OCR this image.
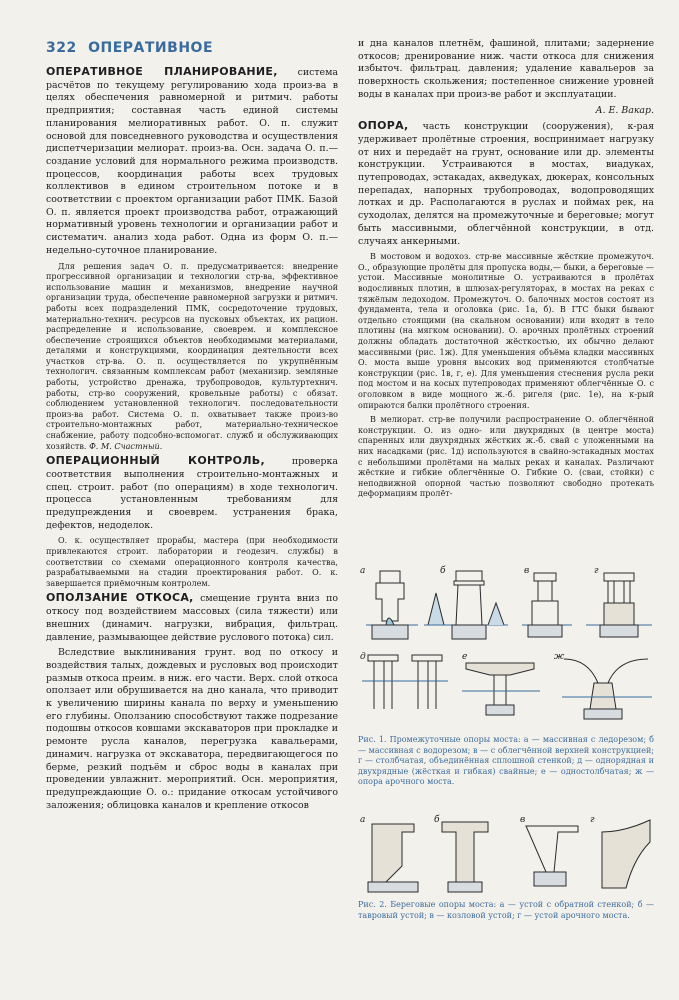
322 ОПЕРАТИВНОЕ

ОПЕРАТИВНОЕ ПЛАНИРОВАНИЕ, система расчётов по текущему регулированию хода произ-ва в целях обеспечения равномерной и ритмич. работы предприятия; составная часть единой системы планирования мелиоративных работ. О. п. служит основой для повседневного руководства и осуществления диспетчеризации мелиорат. произ-ва. Осн. задача О. п.— создание условий для нормального режима производств. процессов, координация работы всех трудовых коллективов в едином строительном потоке и в соответствии с проектом организации работ ПМК. Базой О. п. является проект производства работ, отражающий нормативный уровень технологии и организации работ и систематич. анализ хода работ. Одна из форм О. п.— недельно-суточное планирование.

Для решения задач О. п. предусматривается: внедрение прогрессивной организации и технологии стр-ва, эффективное использование машин и механизмов, внедрение научной организации труда, обеспечение равномерной загрузки и ритмич. работы всех подразделений ПМК, сосредоточение трудовых, материально-технич. ресурсов на пусковых объектах, их рацион. распределение и использование, своеврем. и комплексное обеспечение строящихся объектов необходимыми материалами, деталями и конструкциями, координация деятельности всех участков стр-ва. О. п. осуществляется по укрупнённым технологич. связанным комплексам работ (механизир. земляные работы, устройство дренажа, трубопроводов, культуртехнич. работы, стр-во сооружений, кровельные работы) с обязат. соблюдением установленной технологич. последовательности произ-ва работ. Система О. п. охватывает также произ-во строительно-монтажных работ, материально-техническое снабжение, работу подсобно-вспомогат. служб и обслуживающих хозяйств. Ф. М. Счастный.

ОПЕРАЦИОННЫЙ КОНТРОЛЬ,	проверка соответствия выполнения строительно-монтажных и спец. строит. работ (по операциям) в ходе технологич. процесса установленным требованиям для предупреждения и своеврем. устранения брака, дефектов, недоделок.

О. к. осуществляет прорабы, мастера (при необходимости привлекаются строит. лаборатории и геодезич. службы) в соответствии со схемами операционного контроля качества, разрабатываемыми на стадии проектирования работ. О. к. завершается приёмочным контролем.

ОПОЛЗАНИЕ ОТКОСА, смещение грунта вниз по откосу под воздействием массовых (сила тяжести) или внешних (динамич. нагрузки, вибрация, фильтрац. давление, размывающее действие руслового потока) сил.

Вследствие выклинивания грунт. вод по откосу и воздействия талых, дождевых и русловых вод происходит размыв откоса преим. в ниж. его части. Верх. слой откоса оползает или обрушивается на дно канала, что приводит к увеличению ширины канала по верху и уменьшению его глубины. Оползанию способствуют также подрезание подошвы откосов ковшами экскаваторов при прокладке и ремонте русла каналов, перегрузка кавальерами, динамич. нагрузка от экскаватора, передвигающегося по берме, резкий подъём и сброс воды в каналах при проведении увлажнит. мероприятий. Осн. мероприятия, предупреждающие О. о.: придание откосам устойчивого заложения; облицовка каналов и крепление откосов

и дна каналов плетнём, фашиной, плитами; задернение откосов; дренирование ниж. части откоса для снижения избыточ. фильтрац. давления; удаление кавальеров за поверхность скольжения; постепенное снижение уровней воды в каналах при произ-ве работ и эксплуатации.

А. Е. Вакар.

ОПОРА, часть конструкции (сооружения), к-рая удерживает пролётные строения, воспринимает нагрузку от них и передаёт на грунт, основание или др. элементы конструкции. Устраиваются в мостах, виадуках, путепроводах, эстакадах, акведуках, дюкерах, консольных перепадах, напорных трубопроводах, водопроводящих лотках и др. Располагаются в руслах и поймах рек, на суходолах, делятся на промежуточные и береговые; могут быть массивными, облегчённой конструкции, в отд. случаях анкерными.

В мостовом и водохоз. стр-ве массивные жёсткие промежуточ. О., образующие пролёты для пропуска воды,— быки, а береговые — устои. Массивные монолитные О. устраиваются в пролётах водосливных плотин, в шлюзах-регуляторах, в мостах на реках с тяжёлым ледоходом. Промежуточ. О. балочных мостов состоят из фундамента, тела и оголовка (рис. 1а, б). В ГТС быки бывают отдельно стоящими (на скальном основании) или входят в тело плотины (на мягком основании). О. арочных пролётных строений должны обладать достаточной жёсткостью, их обычно делают массивными (рис. 1ж). Для уменьшения объёма кладки массивных О. моста выше уровня высоких вод применяются столбчатые конструкции (рис. 1в, г, е). Для уменьшения стеснения русла реки под мостом и на косых путепроводах применяют облегчённые О. с оголовком в виде мощного ж.-б. ригеля (рис. 1е), на к-рый опираются балки пролётного строения.

В мелиорат. стр-ве получили распространение О. облегчённой конструкции. О. из одно- или двухрядных (в центре моста) спаренных или двухрядных жёстких ж.-б. свай с уложенными на них насадками (рис. 1д) используются в свайно-эстакадных мостах с небольшими пролётами на малых реках и каналах. Различают жёсткие и гибкие облегчённые О. Гибкие О. (сваи, стойки) с неподвижной опорной частью позволяют свободно протекать деформациям пролёт-

а	б	в	г
д	е	ж
Рис. 1. Промежуточные опоры моста: а — массивная с ледорезом; б — массивная с водорезом; в — с облегчённой верхней конструкцией; г — столбчатая, объединённая сплошной стенкой; д — однорядная и двухрядные (жёсткая и гибкая) свайные; е — одностолбчатая; ж — опора арочного моста.
а	б	в	г
Рис. 2. Береговые опоры моста: а — устой с обратной стенкой; б — тавровый устой; в — козловой устой; г — устой арочного моста.
